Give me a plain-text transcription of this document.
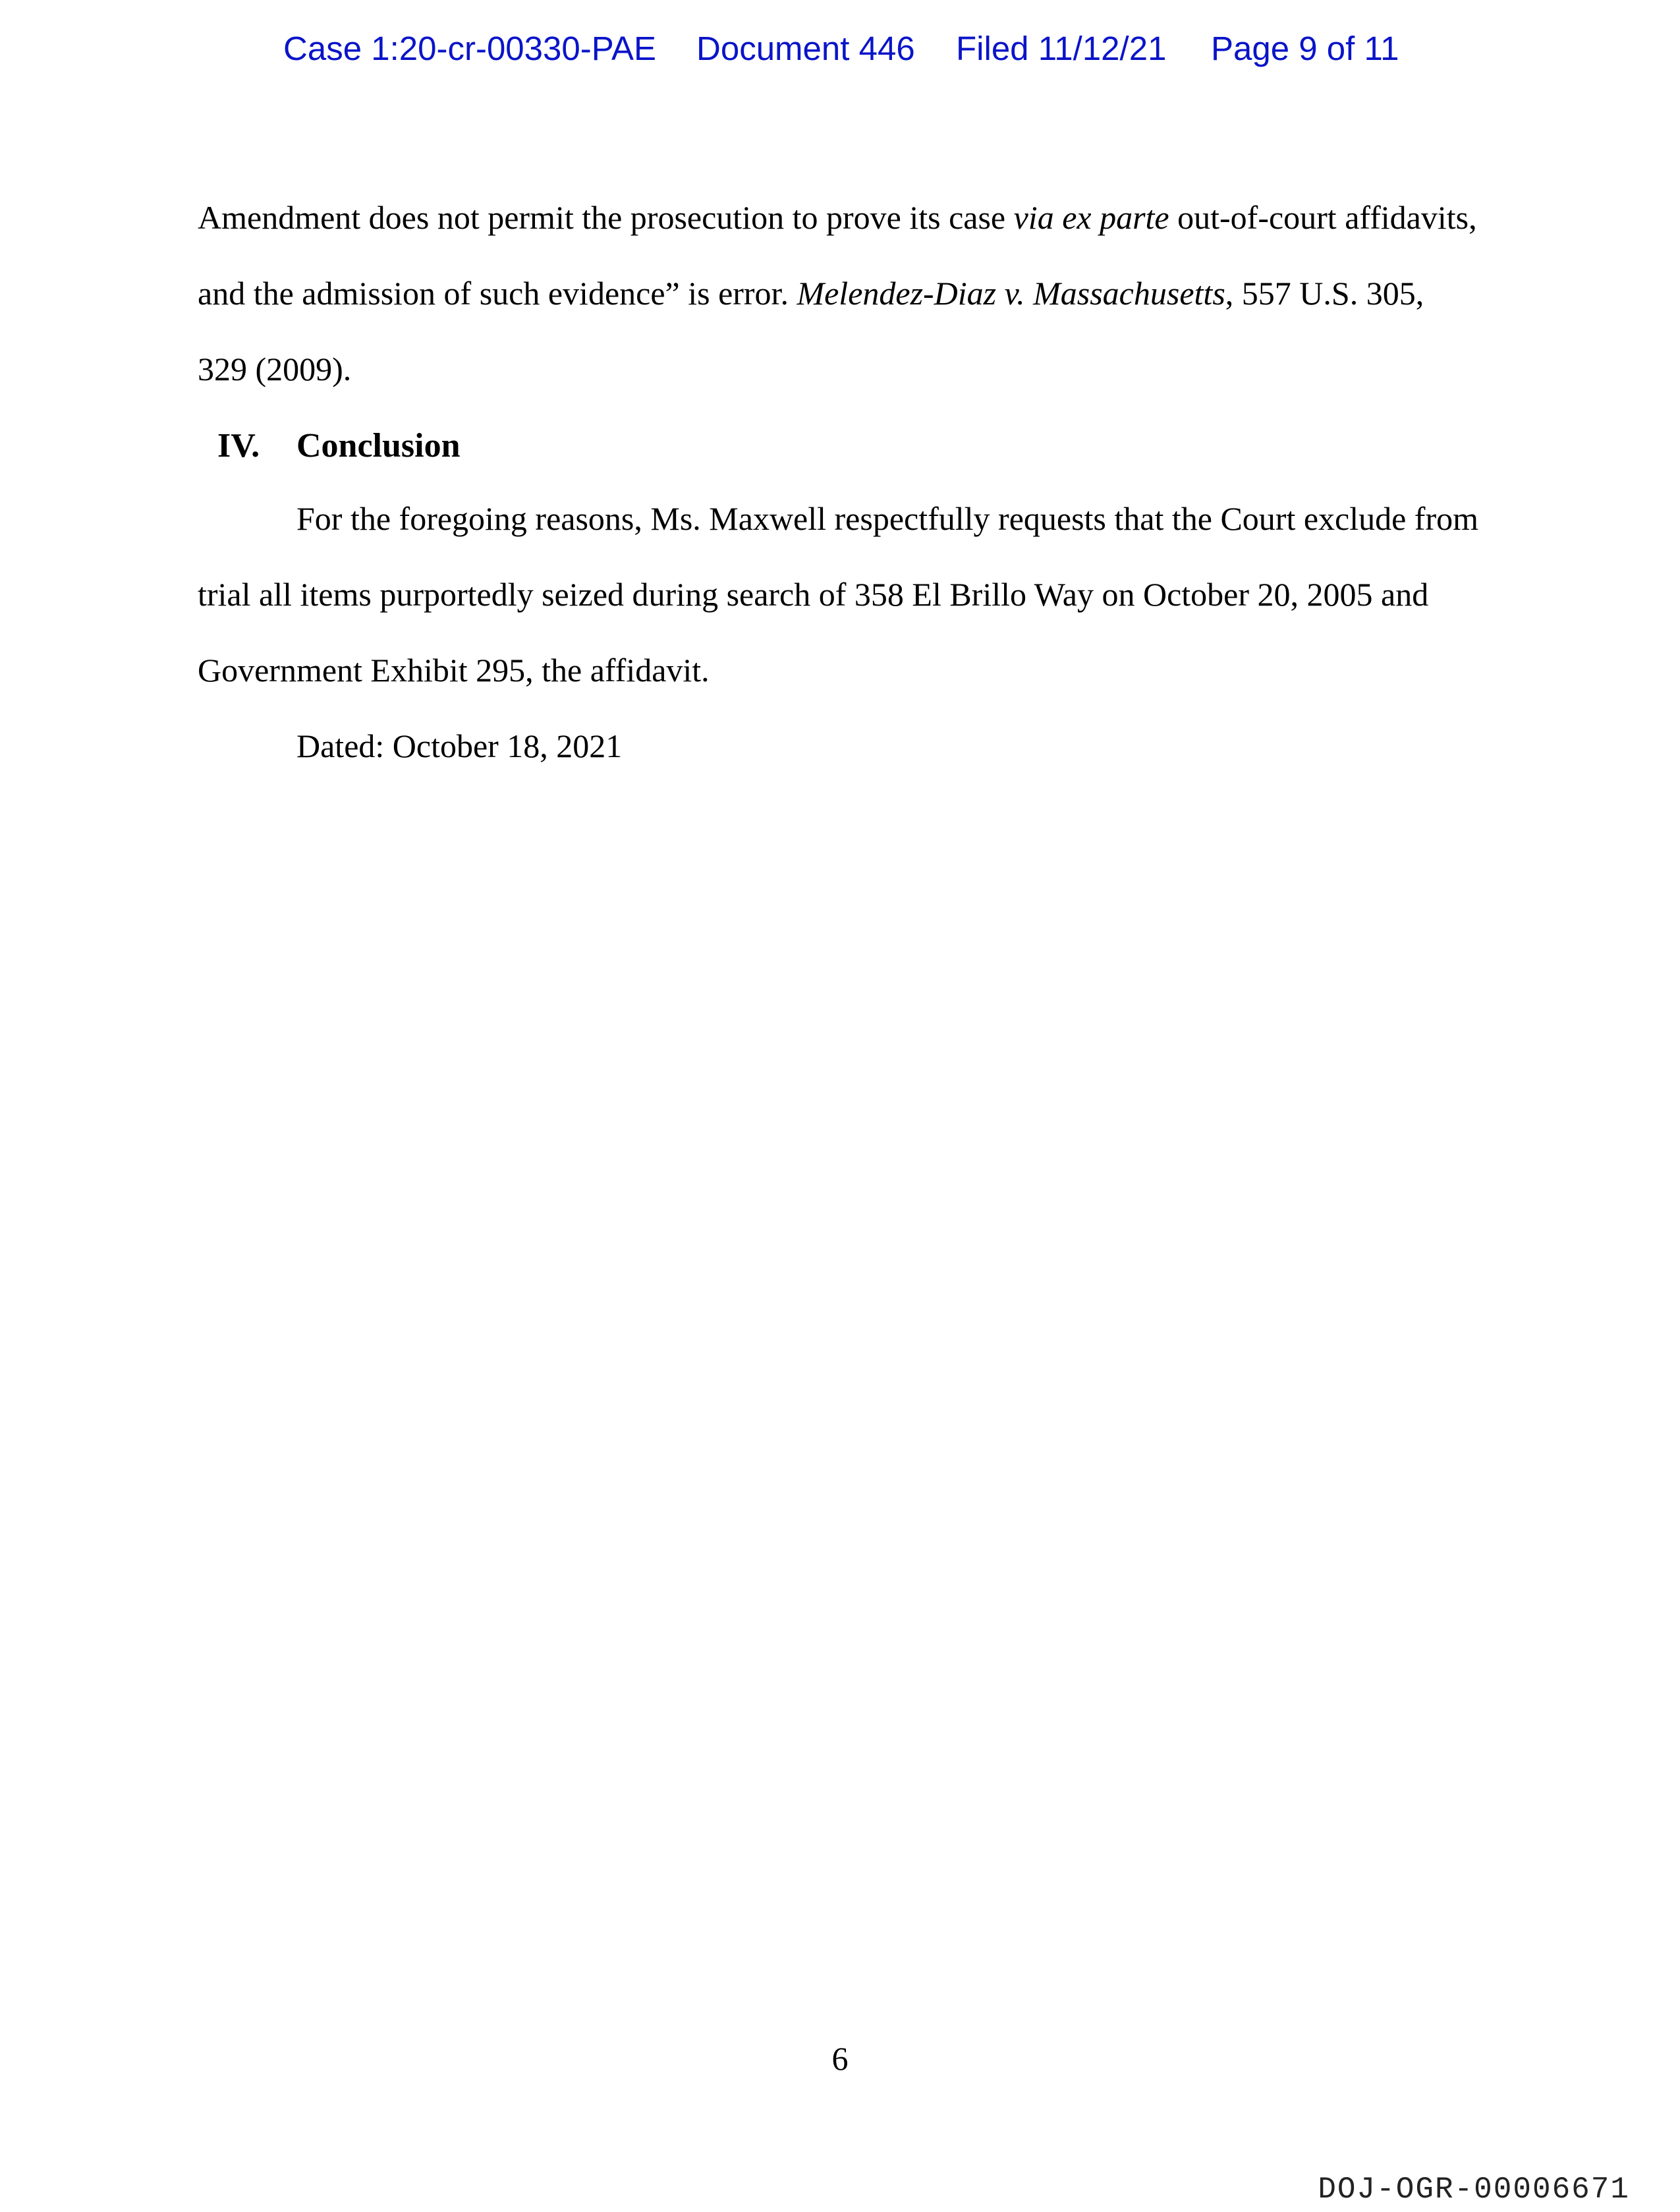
Case 1:20-cr-00330-PAE Document 446 Filed 11/12/21 Page 9 of 11
Amendment does not permit the prosecution to prove its case via ex parte out-of-court affidavits,
and the admission of such evidence” is error. Melendez-Diaz v. Massachusetts, 557 U.S. 305,
329 (2009).
IV. Conclusion
For the foregoing reasons, Ms. Maxwell respectfully requests that the Court exclude from
trial all items purportedly seized during search of 358 El Brillo Way on October 20, 2005 and
Government Exhibit 295, the affidavit.
Dated: October 18, 2021
6
DOJ-OGR-00006671
